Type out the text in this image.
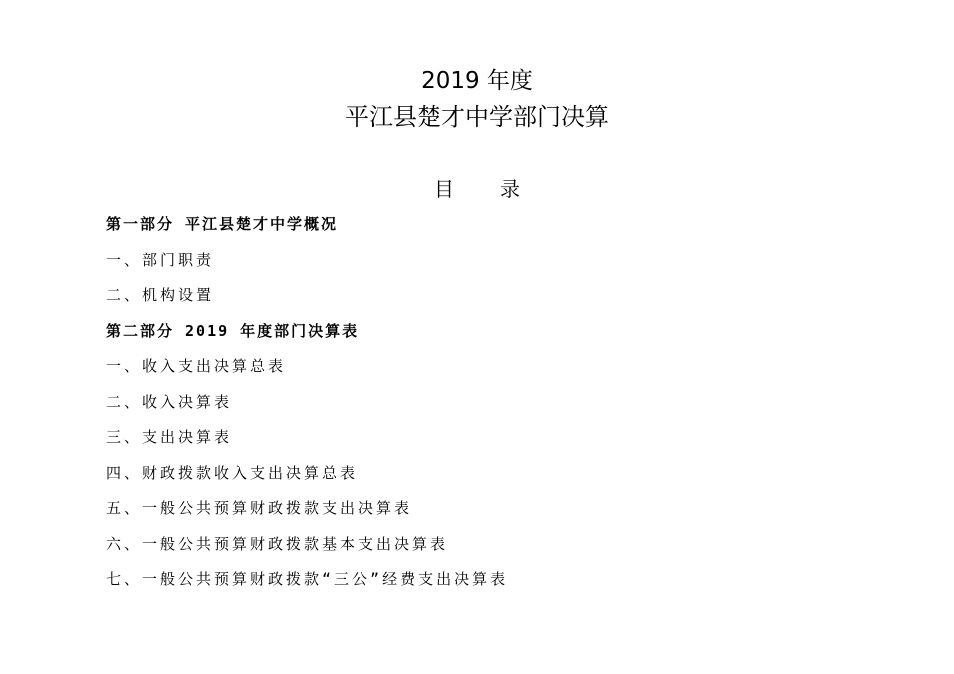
2019 年度
平江县楚才中学部门决算
目录
第一部分 平江县楚才中学概况
一、部门职责
二、机构设置
第二部分 2019 年度部门决算表
一、收入支出决算总表
二、收入决算表
三、支出决算表
四、财政拨款收入支出决算总表
五、一般公共预算财政拨款支出决算表
六、一般公共预算财政拨款基本支出决算表
七、一般公共预算财政拨款“三公”经费支出决算表
